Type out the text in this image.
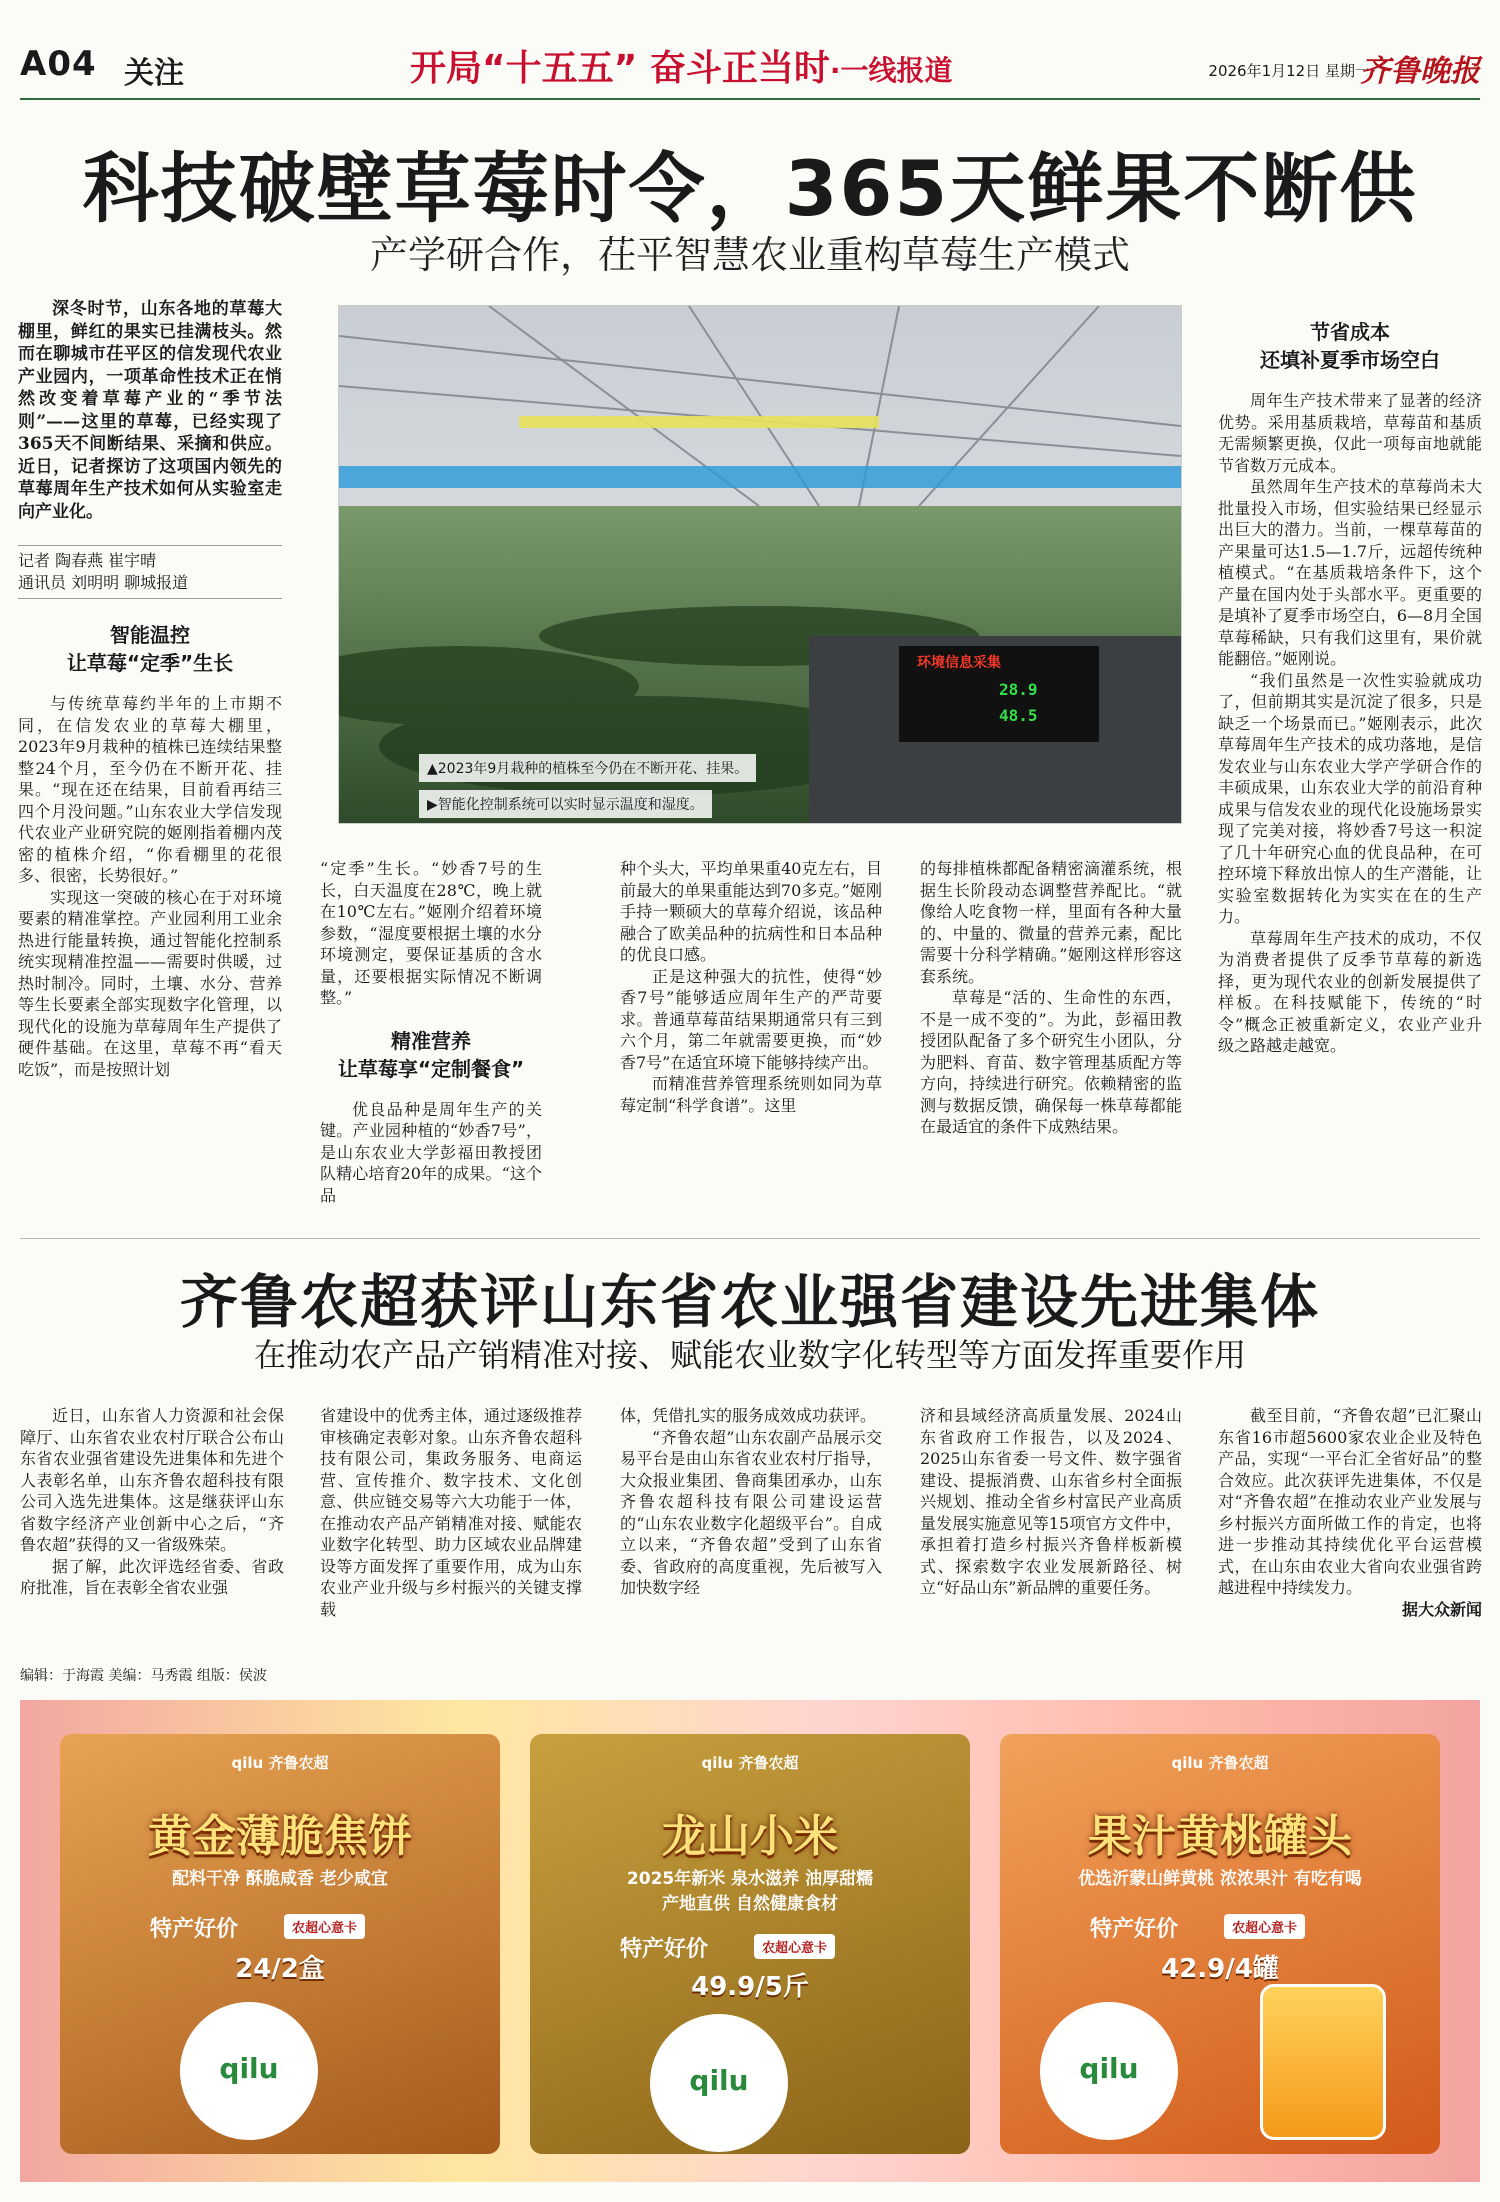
A04 关注	开局“十五五” 奋斗正当时·一线报道	2026年1月12日 星期一
齐鲁晚报
科技破壁草莓时令，365天鲜果不断供
产学研合作，茌平智慧农业重构草莓生产模式

深冬时节，山东各地的草莓大棚里，鲜红的果实已挂满枝头。然而在聊城市茌平区的信发现代农业产业园内，一项革命性技术正在悄然改变着草莓产业的“季节法则”——这里的草莓，已经实现了365天不间断结果、采摘和供应。近日，记者探访了这项国内领先的草莓周年生产技术如何从实验室走向产业化。

记者 陶春燕 崔宇晴
通讯员 刘明明 聊城报道
智能温控
让草莓“定季”生长

与传统草莓约半年的上市期不同，在信发农业的草莓大棚里，2023年9月栽种的植株已连续结果整整24个月，至今仍在不断开花、挂果。“现在还在结果，目前看再结三四个月没问题。”山东农业大学信发现代农业产业研究院的姬刚指着棚内茂密的植株介绍，“你看棚里的花很多、很密，长势很好。”

实现这一突破的核心在于对环境要素的精准掌控。产业园利用工业余热进行能量转换，通过智能化控制系统实现精准控温——需要时供暖，过热时制冷。同时，土壤、水分、营养等生长要素全部实现数字化管理，以现代化的设施为草莓周年生产提供了硬件基础。在这里，草莓不再“看天吃饭”，而是按照计划

环境信息采集
28.9
48.5
▲2023年9月栽种的植株至今仍在不断开花、挂果。
▶智能化控制系统可以实时显示温度和湿度。

“定季”生长。“妙香7号的生长，白天温度在28℃，晚上就在10℃左右。”姬刚介绍着环境参数，“湿度要根据土壤的水分环境测定，要保证基质的含水量，还要根据实际情况不断调整。”

精准营养
让草莓享“定制餐食”

优良品种是周年生产的关键。产业园种植的“妙香7号”，是山东农业大学彭福田教授团队精心培育20年的成果。“这个品

种个头大，平均单果重40克左右，目前最大的单果重能达到70多克。”姬刚手持一颗硕大的草莓介绍说，该品种融合了欧美品种的抗病性和日本品种的优良口感。

正是这种强大的抗性，使得“妙香7号”能够适应周年生产的严苛要求。普通草莓苗结果期通常只有三到六个月，第二年就需要更换，而“妙香7号”在适宜环境下能够持续产出。

而精准营养管理系统则如同为草莓定制“科学食谱”。这里

的每排植株都配备精密滴灌系统，根据生长阶段动态调整营养配比。“就像给人吃食物一样，里面有各种大量的、中量的、微量的营养元素，配比需要十分科学精确。”姬刚这样形容这套系统。

草莓是“活的、生命性的东西，不是一成不变的”。为此，彭福田教授团队配备了多个研究生小团队，分为肥料、育苗、数字管理基质配方等方向，持续进行研究。依赖精密的监测与数据反馈，确保每一株草莓都能在最适宜的条件下成熟结果。

节省成本
还填补夏季市场空白

周年生产技术带来了显著的经济优势。采用基质栽培，草莓苗和基质无需频繁更换，仅此一项每亩地就能节省数万元成本。

虽然周年生产技术的草莓尚未大批量投入市场，但实验结果已经显示出巨大的潜力。当前，一棵草莓苗的产果量可达1.5—1.7斤，远超传统种植模式。“在基质栽培条件下，这个产量在国内处于头部水平。更重要的是填补了夏季市场空白，6—8月全国草莓稀缺，只有我们这里有，果价就能翻倍。”姬刚说。

“我们虽然是一次性实验就成功了，但前期其实是沉淀了很多，只是缺乏一个场景而已。”姬刚表示，此次草莓周年生产技术的成功落地，是信发农业与山东农业大学产学研合作的丰硕成果，山东农业大学的前沿育种成果与信发农业的现代化设施场景实现了完美对接，将妙香7号这一积淀了几十年研究心血的优良品种，在可控环境下释放出惊人的生产潜能，让实验室数据转化为实实在在的生产力。

草莓周年生产技术的成功，不仅为消费者提供了反季节草莓的新选择，更为现代农业的创新发展提供了样板。在科技赋能下，传统的“时令”概念正被重新定义，农业产业升级之路越走越宽。

齐鲁农超获评山东省农业强省建设先进集体
在推动农产品产销精准对接、赋能农业数字化转型等方面发挥重要作用

近日，山东省人力资源和社会保障厅、山东省农业农村厅联合公布山东省农业强省建设先进集体和先进个人表彰名单，山东齐鲁农超科技有限公司入选先进集体。这是继获评山东省数字经济产业创新中心之后，“齐鲁农超”获得的又一省级殊荣。

据了解，此次评选经省委、省政府批准，旨在表彰全省农业强

省建设中的优秀主体，通过逐级推荐审核确定表彰对象。山东齐鲁农超科技有限公司，集政务服务、电商运营、宣传推介、数字技术、文化创意、供应链交易等六大功能于一体，在推动农产品产销精准对接、赋能农业数字化转型、助力区域农业品牌建设等方面发挥了重要作用，成为山东农业产业升级与乡村振兴的关键支撑载

体，凭借扎实的服务成效成功获评。

“齐鲁农超”山东农副产品展示交易平台是由山东省农业农村厅指导，大众报业集团、鲁商集团承办，山东齐鲁农超科技有限公司建设运营的“山东农业数字化超级平台”。自成立以来，“齐鲁农超”受到了山东省委、省政府的高度重视，先后被写入加快数字经

济和县域经济高质量发展、2024山东省政府工作报告，以及2024、2025山东省委一号文件、数字强省建设、提振消费、山东省乡村全面振兴规划、推动全省乡村富民产业高质量发展实施意见等15项官方文件中，承担着打造乡村振兴齐鲁样板新模式、探索数字农业发展新路径、树立“好品山东”新品牌的重要任务。

截至目前，“齐鲁农超”已汇聚山东省16市超5600家农业企业及特色产品，实现“一平台汇全省好品”的整合效应。此次获评先进集体，不仅是对“齐鲁农超”在推动农业产业发展与乡村振兴方面所做工作的肯定，也将进一步推动其持续优化平台运营模式，在山东由农业大省向农业强省跨越进程中持续发力。

据大众新闻
编辑：于海霞 美编：马秀霞 组版：侯波
qilu 齐鲁农超
黄金薄脆焦饼
配料干净 酥脆咸香 老少咸宜
特产好价	农超心意卡
24/2盒
qilu
qilu 齐鲁农超
龙山小米
2025年新米 泉水滋养 油厚甜糯
产地直供 自然健康食材
特产好价	农超心意卡
49.9/5斤
qilu
qilu 齐鲁农超
果汁黄桃罐头
优选沂蒙山鲜黄桃 浓浓果汁 有吃有喝
特产好价	农超心意卡
42.9/4罐
qilu
